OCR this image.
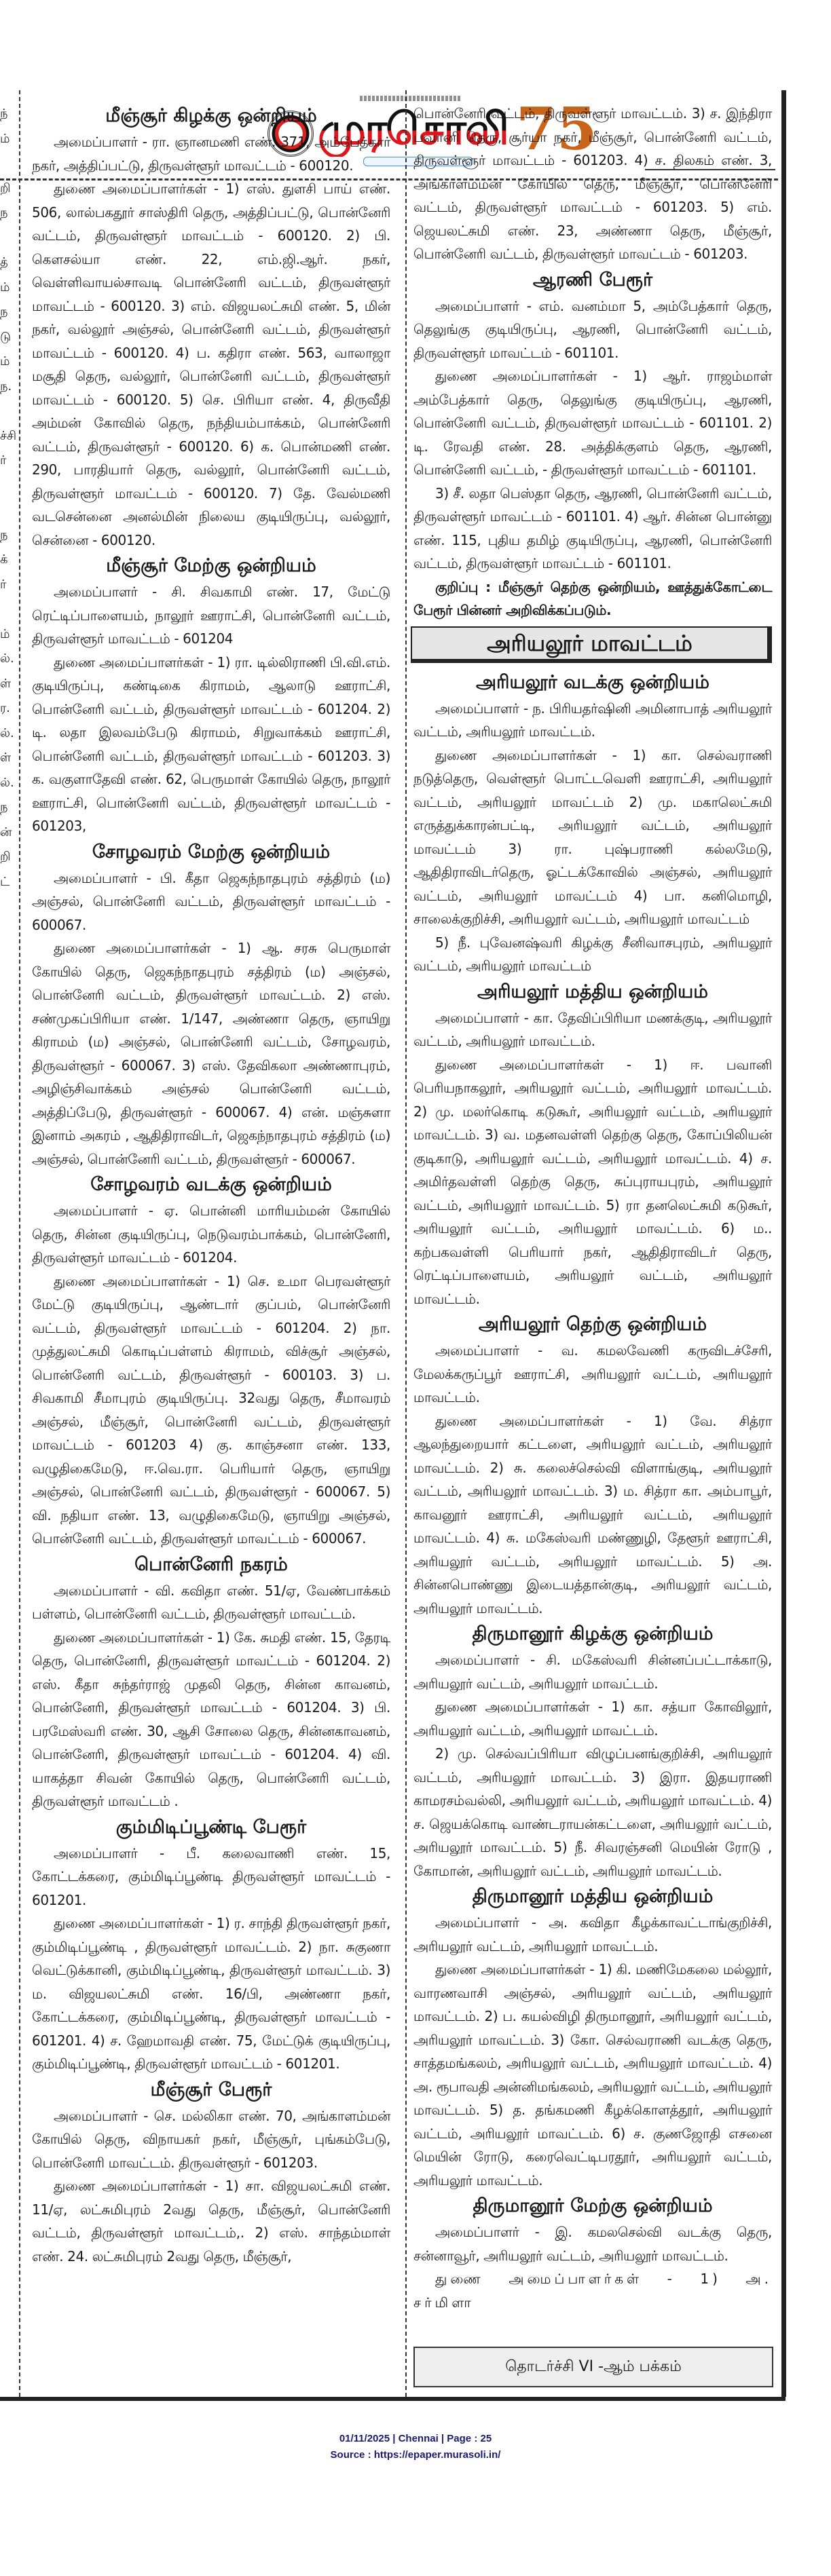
முரசொலி 75
ந்
ம்
றி
ந
த்
ம்
ந
டு
ம்
ந.
ச்சி
ர்
ந
க்
ர்
ம்
ல்.
ள்
ர.
ல்.
ள்
ல்.
ந
ன்
றி
ட்
மீஞ்சூர் கிழக்கு ஒன்றியம்

அமைப்பாளர் - ரா. ஞானமணி எண். 371, அம்பேத்கார் நகர், அத்திப்பட்டு, திருவள்ளூர் மாவட்டம் - 600120.

துணை அமைப்பாளர்கள் - 1) எஸ். துளசி பாய் எண். 506, லால்பகதூர் சாஸ்திரி தெரு, அத்திப்பட்டு, பொன்னேரி வட்டம், திருவள்ளூர் மாவட்டம் - 600120. 2) பி. கௌசல்யா எண். 22, எம்.ஜி.ஆர். நகர், வெள்ளிவாயல்சாவடி பொன்னேரி வட்டம், திருவள்ளூர் மாவட்டம் - 600120. 3) எம். விஜயலட்சுமி எண். 5, மின் நகர், வல்லூர் அஞ்சல், பொன்னேரி வட்டம், திருவள்ளூர் மாவட்டம் - 600120. 4) ப. கதிரா எண். 563, வாலாஜா மசூதி தெரு, வல்லூர், பொன்னேரி வட்டம், திருவள்ளூர் மாவட்டம் - 600120. 5) செ. பிரியா எண். 4, திருவீதி அம்மன் கோவில் தெரு, நந்தியம்பாக்கம், பொன்னேரி வட்டம், திருவள்ளூர் - 600120. 6) க. பொன்மணி எண். 290, பாரதியார் தெரு, வல்லூர், பொன்னேரி வட்டம், திருவள்ளூர் மாவட்டம் - 600120. 7) தே. வேல்மணி வடசென்னை அனல்மின் நிலைய குடியிருப்பு, வல்லூர், சென்னை - 600120.

மீஞ்சூர் மேற்கு ஒன்றியம்

அமைப்பாளர் - சி. சிவகாமி எண். 17, மேட்டு ரெட்டிப்பாளையம், நாலூர் ஊராட்சி, பொன்னேரி வட்டம், திருவள்ளூர் மாவட்டம் - 601204

துணை அமைப்பாளர்கள் - 1) ரா. டில்லிராணி பி.வி.எம். குடியிருப்பு, கண்டிகை கிராமம், ஆலாடு ஊராட்சி, பொன்னேரி வட்டம், திருவள்ளூர் மாவட்டம் - 601204. 2) டி. லதா இலவம்பேடு கிராமம், சிறுவாக்கம் ஊராட்சி, பொன்னேரி வட்டம், திருவள்ளூர் மாவட்டம் - 601203. 3) க. வகுளாதேவி எண். 62, பெருமாள் கோயில் தெரு, நாலூர் ஊராட்சி, பொன்னேரி வட்டம், திருவள்ளூர் மாவட்டம் - 601203,

சோழவரம் மேற்கு ஒன்றியம்

அமைப்பாளர் - பி. கீதா ஜெகந்நாதபுரம் சத்திரம் (ம) அஞ்சல், பொன்னேரி வட்டம், திருவள்ளூர் மாவட்டம் - 600067.

துணை அமைப்பாளர்கள் - 1) ஆ. சரசு பெருமாள் கோயில் தெரு, ஜெகந்நாதபுரம் சத்திரம் (ம) அஞ்சல், பொன்னேரி வட்டம், திருவள்ளூர் மாவட்டம். 2) எஸ். சண்முகப்பிரியா எண். 1/147, அண்ணா தெரு, ஞாயிறு கிராமம் (ம) அஞ்சல், பொன்னேரி வட்டம், சோழவரம், திருவள்ளூர் - 600067. 3) எஸ். தேவிகலா அண்ணாபுரம், அழிஞ்சிவாக்கம் அஞ்சல் பொன்னேரி வட்டம், அத்திப்பேடு, திருவள்ளூர் - 600067. 4) என். மஞ்சுளா இனாம் அகரம் , ஆதிதிராவிடர், ஜெகந்நாதபுரம் சத்திரம் (ம) அஞ்சல், பொன்னேரி வட்டம், திருவள்ளூர் - 600067.

சோழவரம் வடக்கு ஒன்றியம்

அமைப்பாளர் - ஏ. பொன்னி மாரியம்மன் கோயில் தெரு, சின்ன குடியிருப்பு, நெடுவரம்பாக்கம், பொன்னேரி, திருவள்ளூர் மாவட்டம் - 601204.

துணை அமைப்பாளர்கள் - 1) செ. உமா பெரவள்ளூர் மேட்டு குடியிருப்பு, ஆண்டார் குப்பம், பொன்னேரி வட்டம், திருவள்ளூர் மாவட்டம் - 601204. 2) நா. முத்துலட்சுமி கொடிப்பள்ளம் கிராமம், விச்சூர் அஞ்சல், பொன்னேரி வட்டம், திருவள்ளூர் - 600103. 3) ப. சிவகாமி சீமாபுரம் குடியிருப்பு. 32வது தெரு, சீமாவரம் அஞ்சல், மீஞ்சூர், பொன்னேரி வட்டம், திருவள்ளூர் மாவட்டம் - 601203 4) கு. காஞ்சனா எண். 133, வழுதிகைமேடு, ஈ.வெ.ரா. பெரியார் தெரு, ஞாயிறு அஞ்சல், பொன்னேரி வட்டம், திருவள்ளூர் - 600067. 5) வி. நதியா எண். 13, வழுதிகைமேடு, ஞாயிறு அஞ்சல், பொன்னேரி வட்டம், திருவள்ளூர் மாவட்டம் - 600067.

பொன்னேரி நகரம்

அமைப்பாளர் - வி. கவிதா எண். 51/ஏ, வேண்பாக்கம் பள்ளம், பொன்னேரி வட்டம், திருவள்ளூர் மாவட்டம்.

துணை அமைப்பாளர்கள் - 1) கே. சுமதி எண். 15, தேரடி தெரு, பொன்னேரி, திருவள்ளூர் மாவட்டம் - 601204. 2) எஸ். கீதா சுந்தர்ராஜ் முதலி தெரு, சின்ன காவனம், பொன்னேரி, திருவள்ளூர் மாவட்டம் - 601204. 3) பி. பரமேஸ்வரி எண். 30, ஆசி சோலை தெரு, சின்னகாவனம், பொன்னேரி, திருவள்ளூர் மாவட்டம் - 601204. 4) வி. யாகத்தா சிவன் கோயில் தெரு, பொன்னேரி வட்டம், திருவள்ளூர் மாவட்டம் .

கும்மிடிப்பூண்டி பேரூர்

அமைப்பாளர் - பீ. கலைவாணி எண். 15, கோட்டக்கரை, கும்மிடிப்பூண்டி திருவள்ளூர் மாவட்டம் - 601201.

துணை அமைப்பாளர்கள் - 1) ர. சாந்தி திருவள்ளூர் நகர், கும்மிடிப்பூண்டி , திருவள்ளூர் மாவட்டம். 2) நா. சுகுணா வெட்டுக்கானி, கும்மிடிப்பூண்டி, திருவள்ளூர் மாவட்டம். 3) ம. விஜயலட்சுமி எண். 16/பி, அண்ணா நகர், கோட்டக்கரை, கும்மிடிப்பூண்டி, திருவள்ளூர் மாவட்டம் - 601201. 4) ச. ஹேமாவதி எண். 75, மேட்டுக் குடியிருப்பு, கும்மிடிப்பூண்டி, திருவள்ளூர் மாவட்டம் - 601201.

மீஞ்சூர் பேரூர்

அமைப்பாளர் - செ. மல்லிகா எண். 70, அங்காளம்மன் கோயில் தெரு, விநாயகர் நகர், மீஞ்சூர், புங்கம்பேடு, பொன்னேரி மாவட்டம். திருவள்ளூர் - 601203.

துணை அமைப்பாளர்கள் - 1) சா. விஜயலட்சுமி எண். 11/ஏ, லட்சுமிபுரம் 2வது தெரு, மீஞ்சூர், பொன்னேரி வட்டம், திருவள்ளூர் மாவட்டம்,. 2) எஸ். சாந்தம்மாள் எண். 24. லட்சுமிபுரம் 2வது தெரு, மீஞ்சூர்,

பொன்னேரி வட்டம், திருவள்ளூர் மாவட்டம். 3) ச. இந்திரா பவானி தெரு, சூர்யா நகர், மீஞ்சூர், பொன்னேரி வட்டம், திருவள்ளூர் மாவட்டம் - 601203. 4) ச. திலகம் எண். 3, அங்காளம்மன் கோயில் தெரு, மீஞ்சூர், பொன்னேரி வட்டம், திருவள்ளூர் மாவட்டம் - 601203. 5) எம். ஜெயலட்சுமி எண். 23, அண்ணா தெரு, மீஞ்சூர், பொன்னேரி வட்டம், திருவள்ளூர் மாவட்டம் - 601203.

ஆரணி பேரூர்

அமைப்பாளர் - எம். வனம்மா 5, அம்பேத்கார் தெரு, தெலுங்கு குடியிருப்பு, ஆரணி, பொன்னேரி வட்டம், திருவள்ளூர் மாவட்டம் - 601101.

துணை அமைப்பாளர்கள் - 1) ஆர். ராஜம்மாள் அம்பேத்கார் தெரு, தெலுங்கு குடியிருப்பு, ஆரணி, பொன்னேரி வட்டம், திருவள்ளூர் மாவட்டம் - 601101. 2) டி. ரேவதி எண். 28. அத்திக்குளம் தெரு, ஆரணி, பொன்னேரி வட்டம், - திருவள்ளூர் மாவட்டம் - 601101.

3) சீ. லதா பெஸ்தா தெரு, ஆரணி, பொன்னேரி வட்டம், திருவள்ளூர் மாவட்டம் - 601101. 4) ஆர். சின்ன பொன்னு எண். 115, புதிய தமிழ் குடியிருப்பு, ஆரணி, பொன்னேரி வட்டம், திருவள்ளூர் மாவட்டம் - 601101.

குறிப்பு : மீஞ்சூர் தெற்கு ஒன்றியம், ஊத்துக்கோட்டை பேரூர் பின்னர் அறிவிக்கப்படும்.

அரியலூர் மாவட்டம்
அரியலூர் வடக்கு ஒன்றியம்

அமைப்பாளர் - ந. பிரியதர்ஷினி அமினாபாத் அரியலூர் வட்டம், அரியலூர் மாவட்டம்.

துணை அமைப்பாளர்கள் - 1) கா. செல்வராணி நடுத்தெரு, வெள்ளூர் பொட்டவெளி ஊராட்சி, அரியலூர் வட்டம், அரியலூர் மாவட்டம் 2) மு. மகாலெட்சுமி எருத்துக்காரன்பட்டி, அரியலூர் வட்டம், அரியலூர் மாவட்டம் 3) ரா. புஷ்பராணி கல்லமேடு, ஆதிதிராவிடர்தெரு, ஓட்டக்கோவில் அஞ்சல், அரியலூர் வட்டம், அரியலூர் மாவட்டம் 4) பா. கனிமொழி, சாலைக்குறிச்சி, அரியலூர் வட்டம், அரியலூர் மாவட்டம்

5) நீ. புவேனஷ்வரி கிழக்கு சீனிவாசபுரம், அரியலூர் வட்டம், அரியலூர் மாவட்டம்

அரியலூர் மத்திய ஒன்றியம்

அமைப்பாளர் - கா. தேவிப்பிரியா மணக்குடி, அரியலூர் வட்டம், அரியலூர் மாவட்டம்.

துணை அமைப்பாளர்கள் - 1) ஈ. பவானி பெரியநாகலூர், அரியலூர் வட்டம், அரியலூர் மாவட்டம். 2) மு. மலர்கொடி கடுகூர், அரியலூர் வட்டம், அரியலூர் மாவட்டம். 3) வ. மதனவள்ளி தெற்கு தெரு, கோப்பிலியன் குடிகாடு, அரியலூர் வட்டம், அரியலூர் மாவட்டம். 4) ச. அமிர்தவள்ளி தெற்கு தெரு, சுப்புராயபுரம், அரியலூர் வட்டம், அரியலூர் மாவட்டம். 5) ரா தனலெட்சுமி கடுகூர், அரியலூர் வட்டம், அரியலூர் மாவட்டம். 6) ம.. கற்பகவள்ளி பெரியார் நகர், ஆதிதிராவிடர் தெரு, ரெட்டிப்பாளையம், அரியலூர் வட்டம், அரியலூர் மாவட்டம்.

அரியலூர் தெற்கு ஒன்றியம்

அமைப்பாளர் - வ. கமலவேணி கருவிடச்சேரி, மேலக்கருப்பூர் ஊராட்சி, அரியலூர் வட்டம், அரியலூர் மாவட்டம்.

துணை அமைப்பாளர்கள் - 1) வே. சித்ரா ஆலந்துறையார் கட்டளை, அரியலூர் வட்டம், அரியலூர் மாவட்டம். 2) சு. கலைச்செல்வி விளாங்குடி, அரியலூர் வட்டம், அரியலூர் மாவட்டம். 3) ம. சித்ரா கா. அம்பாபூர், காவனூர் ஊராட்சி, அரியலூர் வட்டம், அரியலூர் மாவட்டம். 4) சு. மகேஸ்வரி மண்ணுழி, தேளூர் ஊராட்சி, அரியலூர் வட்டம், அரியலூர் மாவட்டம். 5) அ. சின்னபொண்ணு இடையத்தான்குடி, அரியலூர் வட்டம், அரியலூர் மாவட்டம்.

திருமானூர் கிழக்கு ஒன்றியம்

அமைப்பாளர் - சி. மகேஸ்வரி சின்னப்பட்டாக்காடு, அரியலூர் வட்டம், அரியலூர் மாவட்டம்.

துணை அமைப்பாளர்கள் - 1) கா. சத்யா கோவிலூர், அரியலூர் வட்டம், அரியலூர் மாவட்டம்.

2) மு. செல்வப்பிரியா விழுப்பனங்குறிச்சி, அரியலூர் வட்டம், அரியலூர் மாவட்டம். 3) இரா. இதயராணி காமரசம்வல்லி, அரியலூர் வட்டம், அரியலூர் மாவட்டம். 4) ச. ஜெயக்கொடி வாண்டராயன்கட்டளை, அரியலூர் வட்டம், அரியலூர் மாவட்டம். 5) நீ. சிவரஞ்சனி மெயின் ரோடு , கோமான், அரியலூர் வட்டம், அரியலூர் மாவட்டம்.

திருமானூர் மத்திய ஒன்றியம்

அமைப்பாளர் - அ. கவிதா கீழக்காவட்டாங்குறிச்சி, அரியலூர் வட்டம், அரியலூர் மாவட்டம்.

துணை அமைப்பாளர்கள் - 1) கி. மணிமேகலை மல்லூர், வாரணவாசி அஞ்சல், அரியலூர் வட்டம், அரியலூர் மாவட்டம். 2) ப. கயல்விழி திருமானூர், அரியலூர் வட்டம், அரியலூர் மாவட்டம். 3) கோ. செல்வராணி வடக்கு தெரு, சாத்தமங்கலம், அரியலூர் வட்டம், அரியலூர் மாவட்டம். 4) அ. ரூபாவதி அன்னிமங்கலம், அரியலூர் வட்டம், அரியலூர் மாவட்டம். 5) த. தங்கமணி கீழக்கொளத்தூர், அரியலூர் வட்டம், அரியலூர் மாவட்டம். 6) ச. குணஜோதி எசனை மெயின் ரோடு, கரைவெட்டிபரதூர், அரியலூர் வட்டம், அரியலூர் மாவட்டம்.

திருமானூர் மேற்கு ஒன்றியம்

அமைப்பாளர் - இ. கமலசெல்வி வடக்கு தெரு, சன்னாவூர், அரியலூர் வட்டம், அரியலூர் மாவட்டம்.

துணை அமைப்பாளர்கள் - 1) அ. சர்மிளா

தொடர்ச்சி VI -ஆம் பக்கம்
01/11/2025 | Chennai | Page : 25
Source : https://epaper.murasoli.in/
